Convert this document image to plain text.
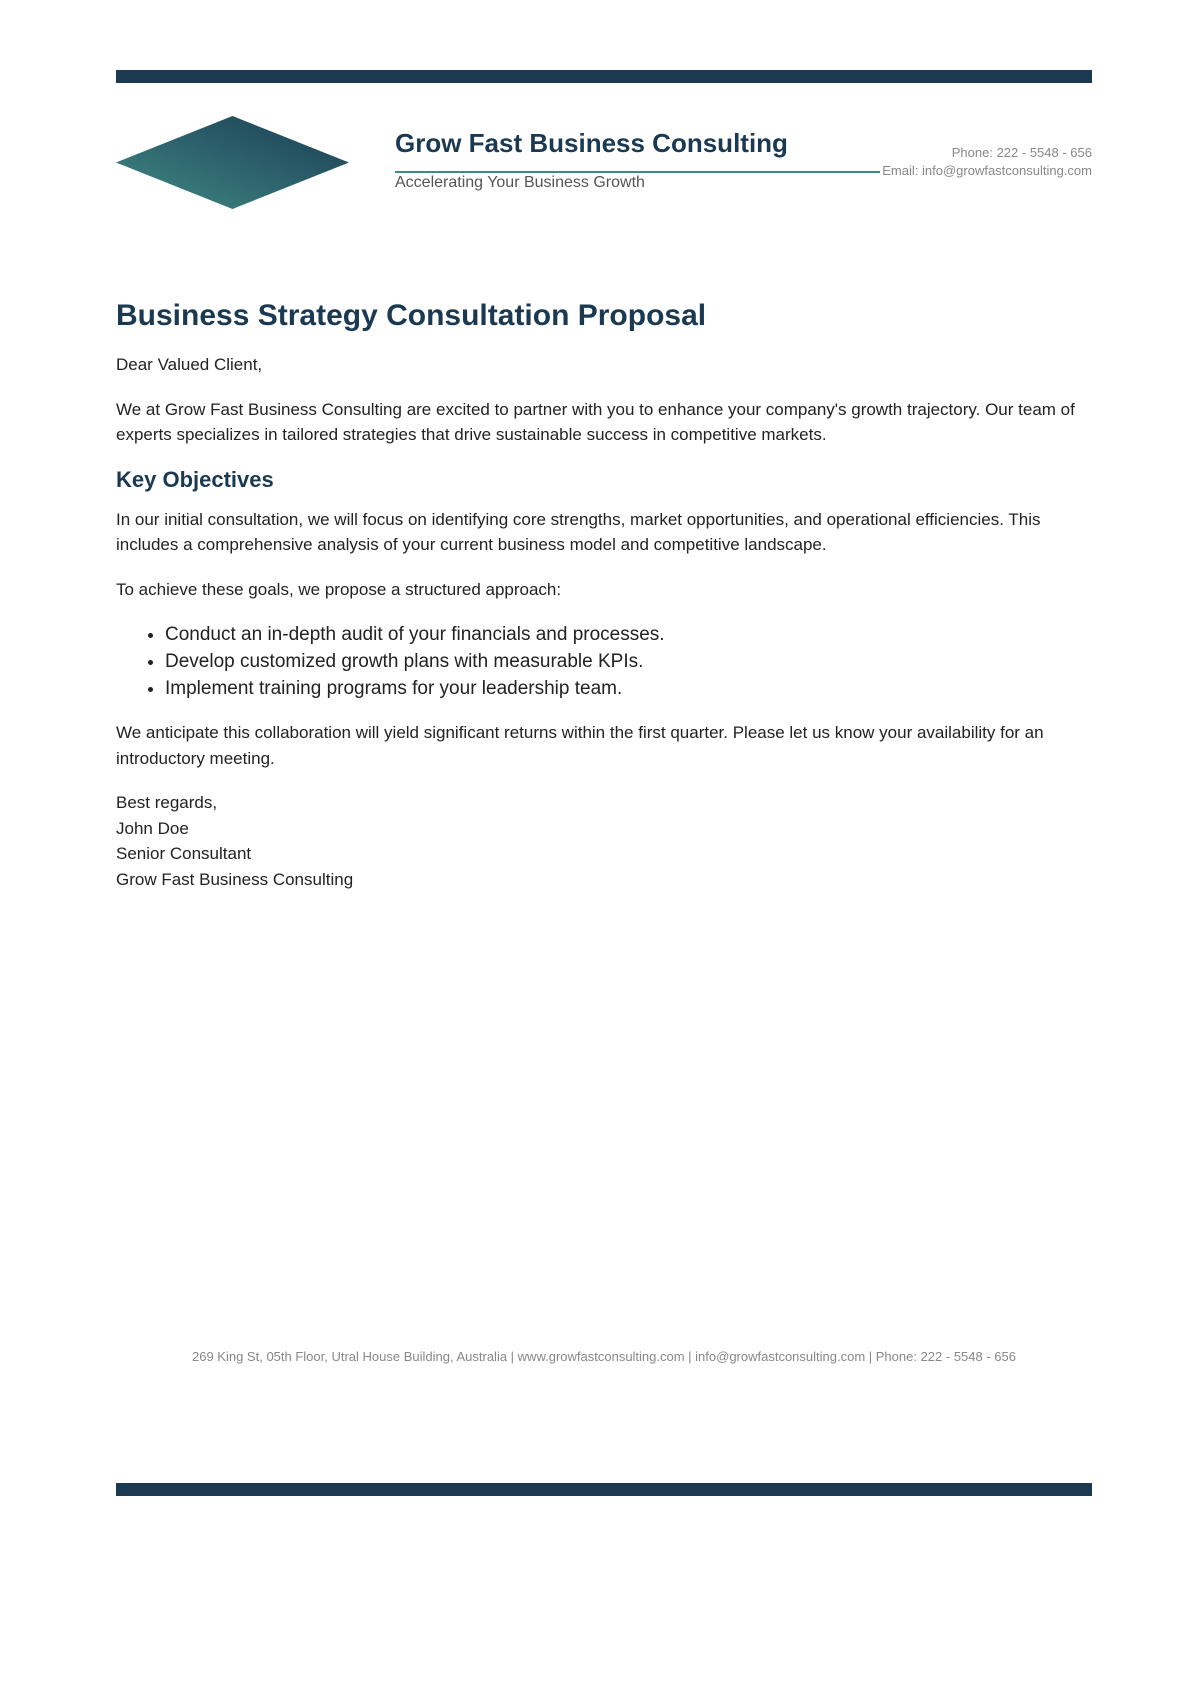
Grow Fast Business Consulting
Accelerating Your Business Growth
Phone: 222 - 5548 - 656
Email: info@growfastconsulting.com
Business Strategy Consultation Proposal

Dear Valued Client,

We at Grow Fast Business Consulting are excited to partner with you to enhance your company's growth trajectory. Our team of experts specializes in tailored strategies that drive sustainable success in competitive markets.

Key Objectives

In our initial consultation, we will focus on identifying core strengths, market opportunities, and operational efficiencies. This includes a comprehensive analysis of your current business model and competitive landscape.

To achieve these goals, we propose a structured approach:

• Conduct an in-depth audit of your financials and processes.
• Develop customized growth plans with measurable KPIs.
• Implement training programs for your leadership team.

We anticipate this collaboration will yield significant returns within the first quarter. Please let us know your availability for an introductory meeting.

Best regards,
John Doe
Senior Consultant
Grow Fast Business Consulting
269 King St, 05th Floor, Utral House Building, Australia | www.growfastconsulting.com | info@growfastconsulting.com | Phone: 222 - 5548 - 656
